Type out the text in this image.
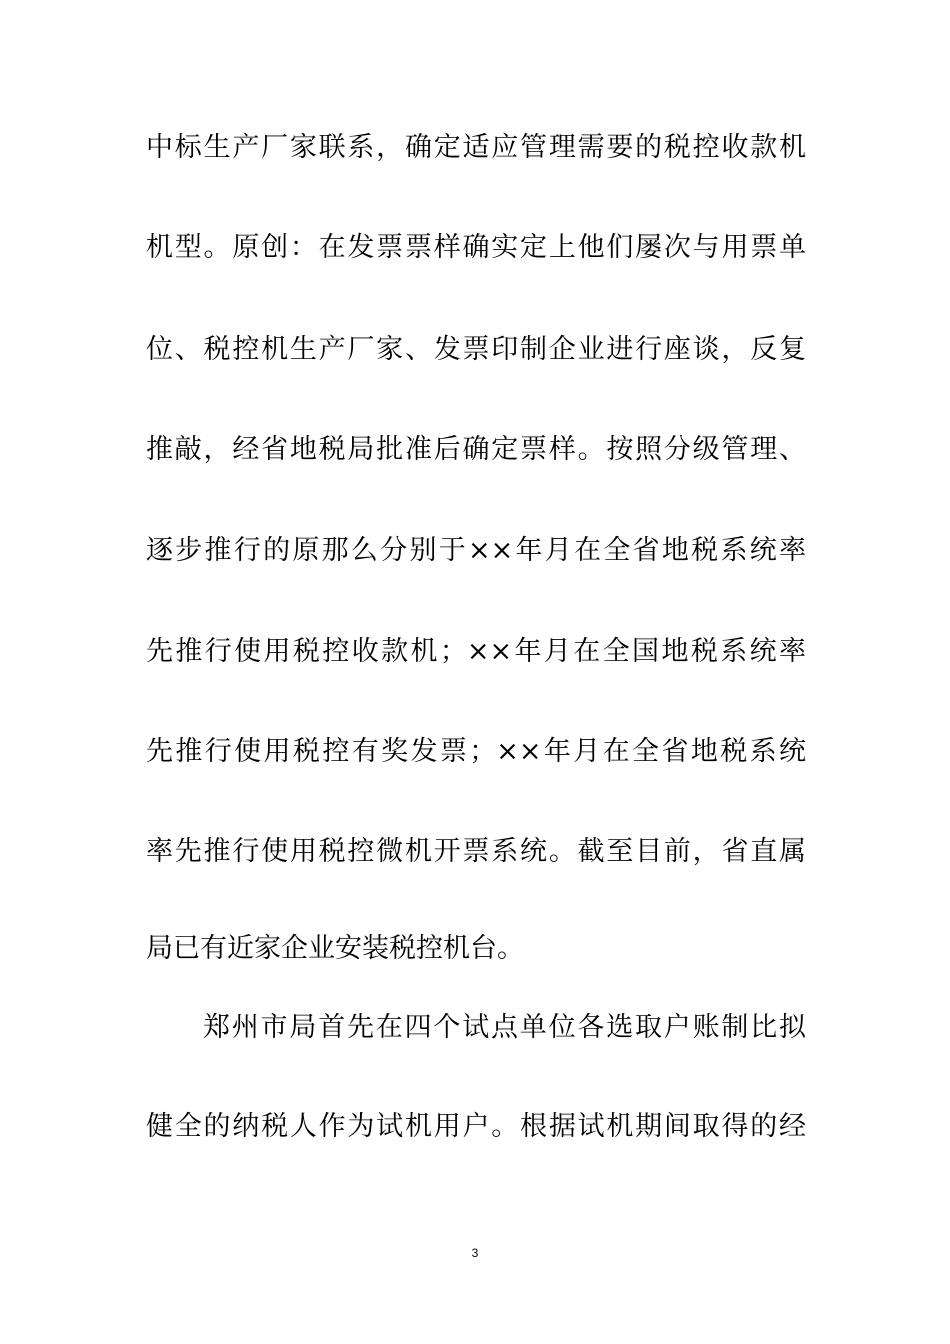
中标生产厂家联系，确定适应管理需要的税控收款机

机型。原创：在发票票样确实定上他们屡次与用票单

位、税控机生产厂家、发票印制企业进行座谈，反复

推敲，经省地税局批准后确定票样。按照分级管理、

逐步推行的原那么分别于××年月在全省地税系统率

先推行使用税控收款机；××年月在全国地税系统率

先推行使用税控有奖发票；××年月在全省地税系统

率先推行使用税控微机开票系统。截至目前，省直属

局已有近家企业安装税控机台。

郑州市局首先在四个试点单位各选取户账制比拟

健全的纳税人作为试机用户。根据试机期间取得的经

3
